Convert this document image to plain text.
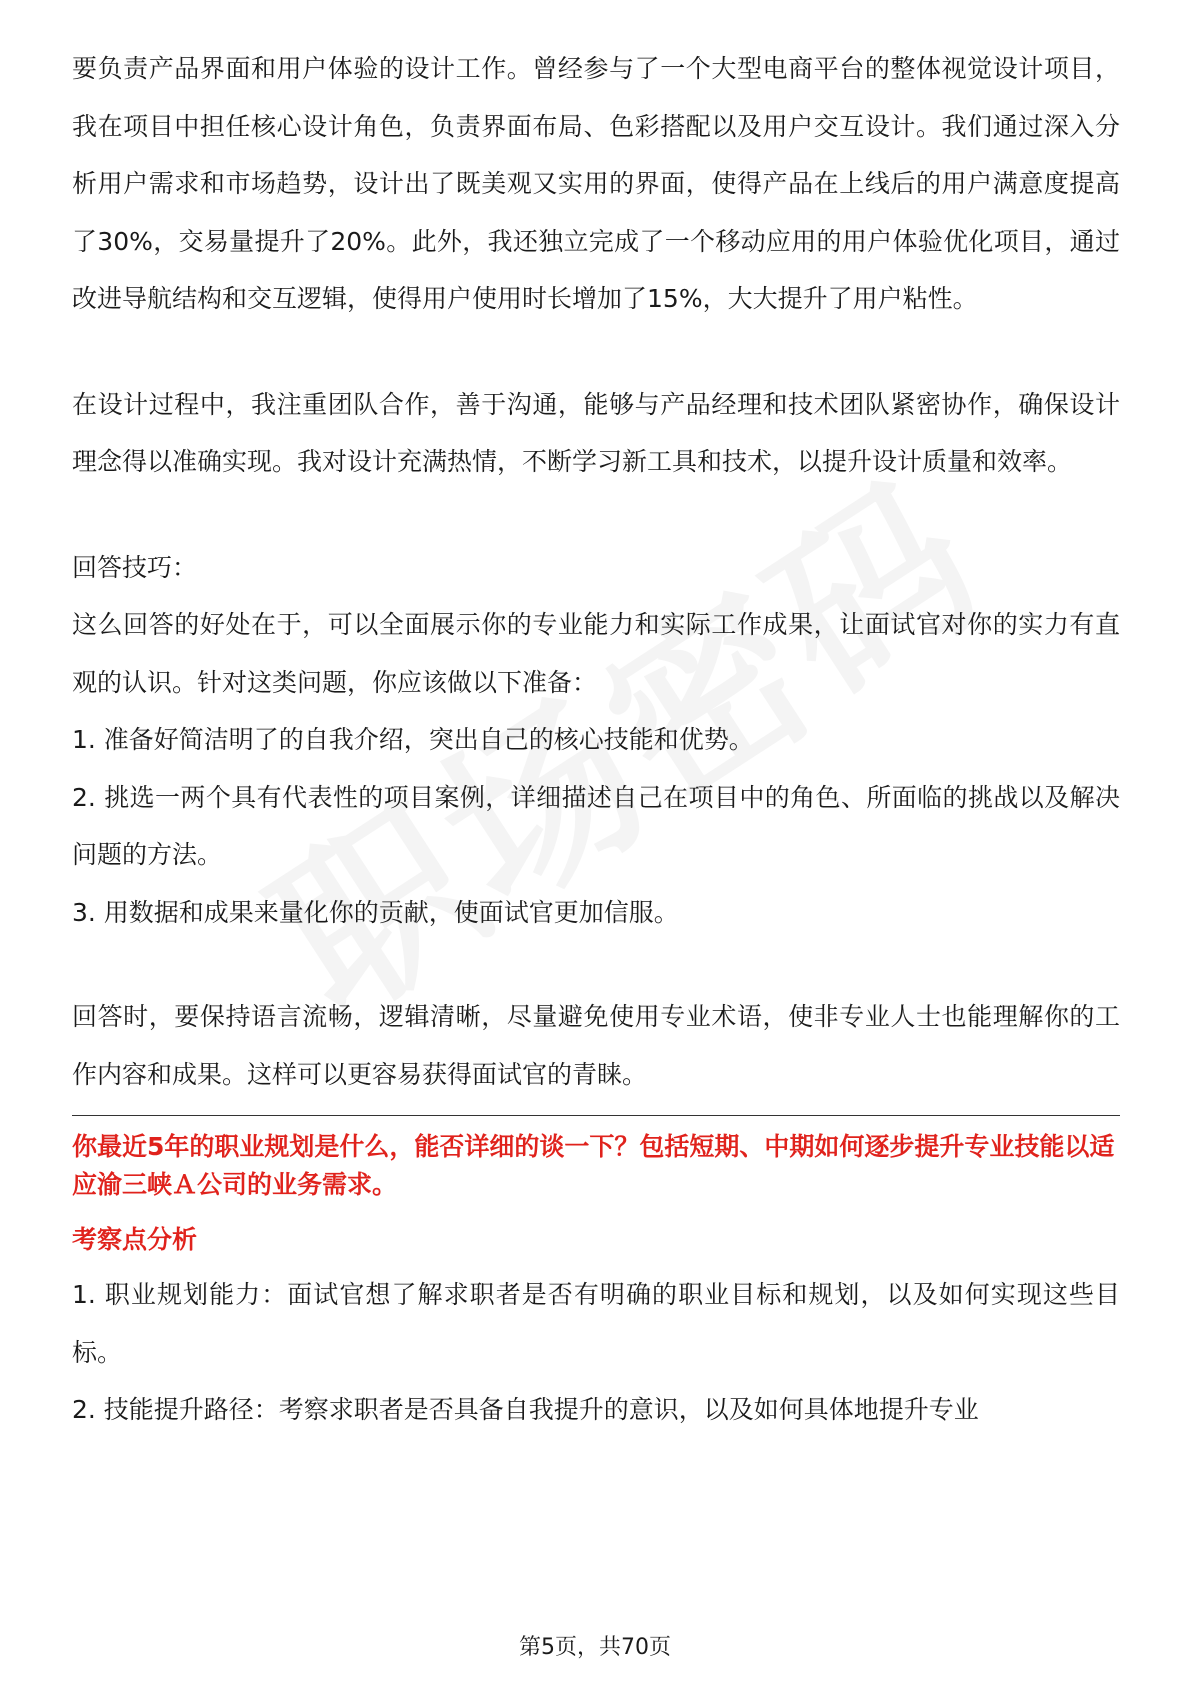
要负责产品界面和用户体验的设计工作。曾经参与了一个大型电商平台的整体视觉设计项目，我在项目中担任核心设计角色，负责界面布局、色彩搭配以及用户交互设计。我们通过深入分析用户需求和市场趋势，设计出了既美观又实用的界面，使得产品在上线后的用户满意度提高了30%，交易量提升了20%。此外，我还独立完成了一个移动应用的用户体验优化项目，通过改进导航结构和交互逻辑，使得用户使用时长增加了15%，大大提升了用户粘性。

在设计过程中，我注重团队合作，善于沟通，能够与产品经理和技术团队紧密协作，确保设计理念得以准确实现。我对设计充满热情，不断学习新工具和技术，以提升设计质量和效率。

回答技巧：

这么回答的好处在于，可以全面展示你的专业能力和实际工作成果，让面试官对你的实力有直观的认识。针对这类问题，你应该做以下准备：

1. 准备好简洁明了的自我介绍，突出自己的核心技能和优势。

2. 挑选一两个具有代表性的项目案例，详细描述自己在项目中的角色、所面临的挑战以及解决问题的方法。

3. 用数据和成果来量化你的贡献，使面试官更加信服。

回答时，要保持语言流畅，逻辑清晰，尽量避免使用专业术语，使非专业人士也能理解你的工作内容和成果。这样可以更容易获得面试官的青睐。

你最近5年的职业规划是什么，能否详细的谈一下？包括短期、中期如何逐步提升专业技能以适应渝三峡Ａ公司的业务需求。

考察点分析

1. 职业规划能力：面试官想了解求职者是否有明确的职业目标和规划，以及如何实现这些目标。

2. 技能提升路径：考察求职者是否具备自我提升的意识，以及如何具体地提升专业

第5页，共70页
